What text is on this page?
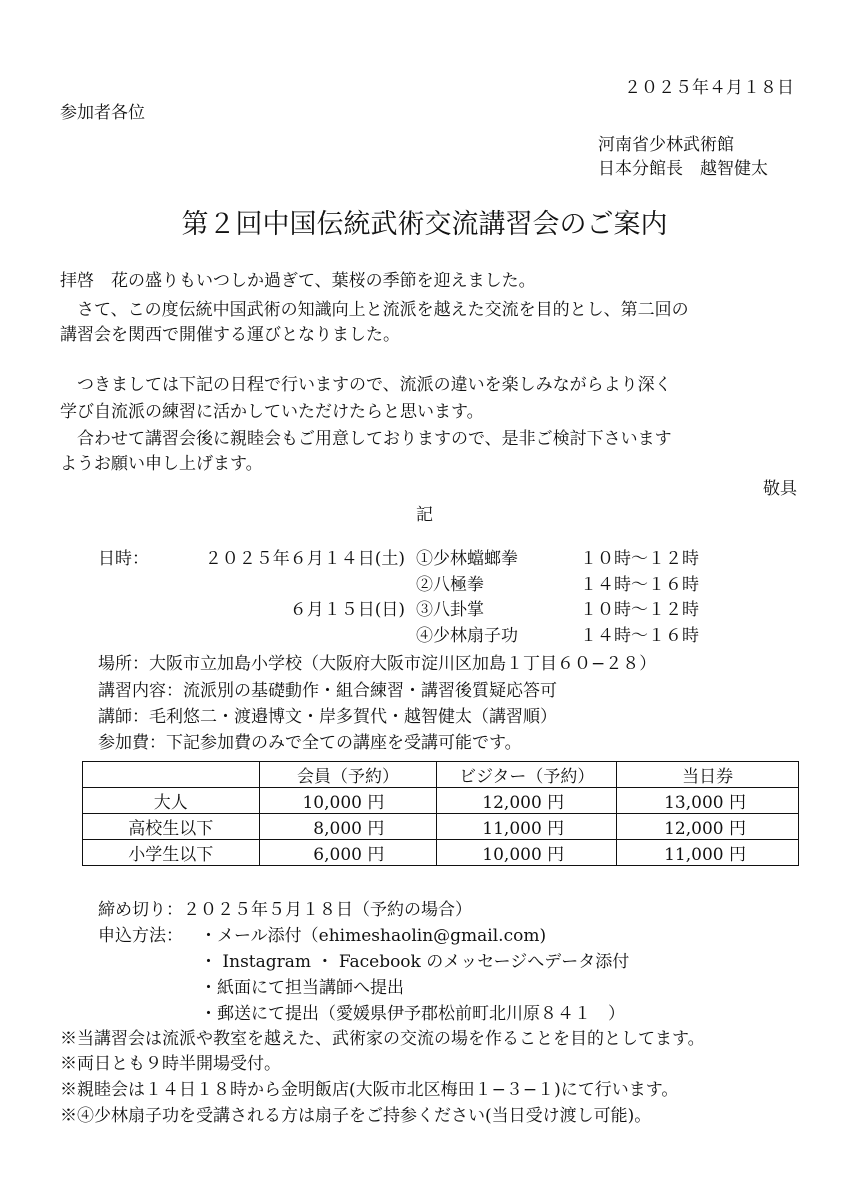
２０２５年４月１８日
参加者各位
河南省少林武術館
日本分館長　越智健太
第２回中国伝統武術交流講習会のご案内
拝啓　花の盛りもいつしか過ぎて、葉桜の季節を迎えました。
　さて、この度伝統中国武術の知識向上と流派を越えた交流を目的とし、第二回の
講習会を関西で開催する運びとなりました。
　つきましては下記の日程で行いますので、流派の違いを楽しみながらより深く
学び自流派の練習に活かしていただけたらと思います。
　合わせて講習会後に親睦会もご用意しておりますので、是非ご検討下さいます
ようお願い申し上げます。
敬具
記
日時：	２０２５年６月１４日(土) ①少林蟷螂拳	１０時～１２時
②八極拳	１４時～１６時
６月１５日(日) ③八卦掌	１０時～１２時
④少林扇子功	１４時～１６時
場所：大阪市立加島小学校（大阪府大阪市淀川区加島１丁目６０−２８）
講習内容：流派別の基礎動作・組合練習・講習後質疑応答可
講師：毛利悠二・渡邉博文・岸多賀代・越智健太（講習順）
参加費：下記参加費のみで全ての講座を受講可能です。
	会員（予約）	ビジター（予約）	当日券
大人	10,000 円	12,000 円	13,000 円
高校生以下	8,000 円	11,000 円	12,000 円
小学生以下	6,000 円	10,000 円	11,000 円
締め切り：２０２５年５月１８日（予約の場合）
申込方法： ・メール添付（ehimeshaolin@gmail.com)
・ Instagram ・ Facebook のメッセージへデータ添付
・紙面にて担当講師へ提出
・郵送にて提出（愛媛県伊予郡松前町北川原８４１　）
※当講習会は流派や教室を越えた、武術家の交流の場を作ることを目的としてます。
※両日とも９時半開場受付。
※親睦会は１４日１８時から金明飯店(大阪市北区梅田１−３−１)にて行います。
※④少林扇子功を受講される方は扇子をご持参ください(当日受け渡し可能)。
